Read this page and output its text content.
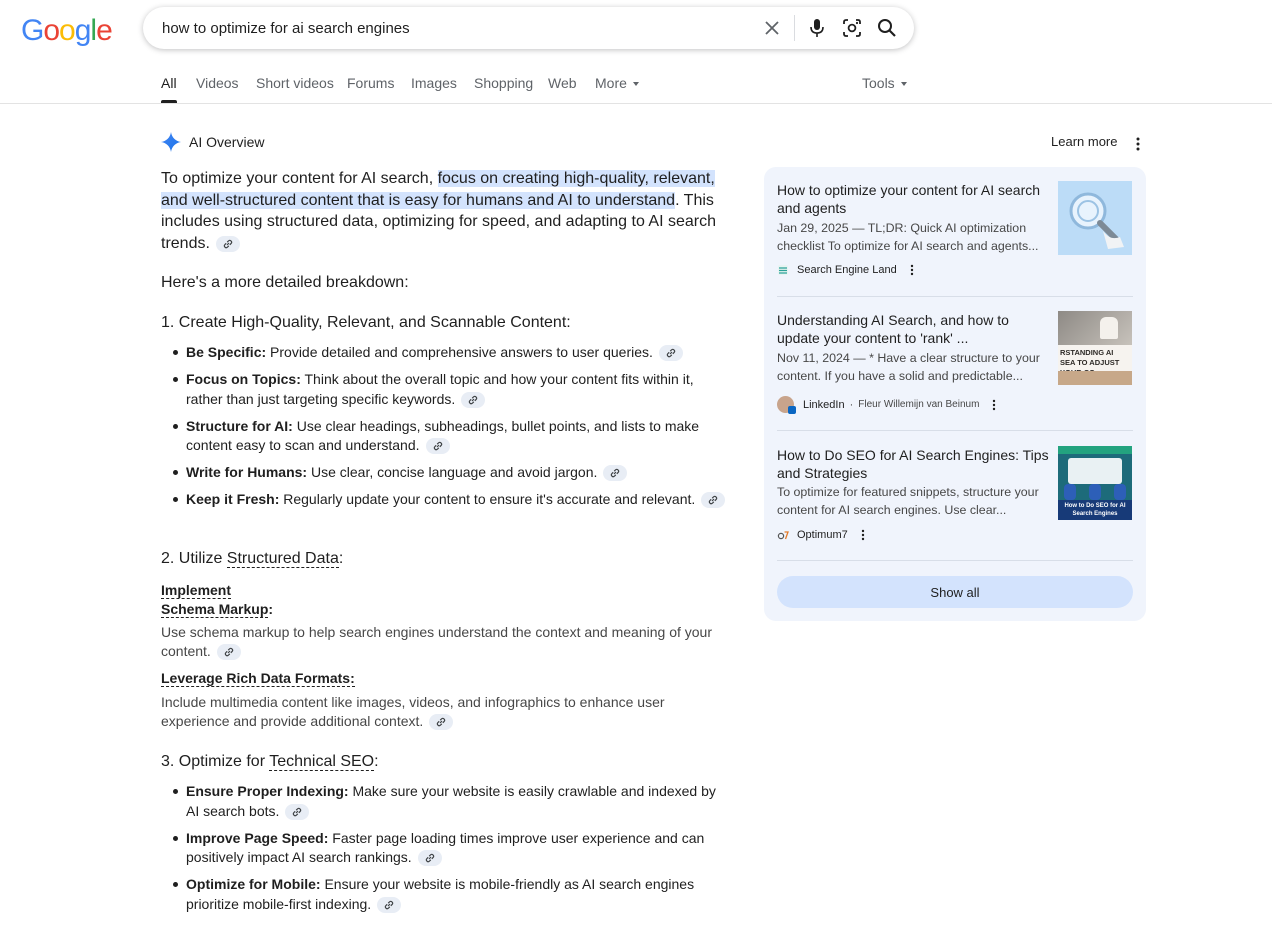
Google	how to optimize for ai search engines
All Videos Short videos Forums Images Shopping Web More	Tools
AI Overview	Learn more

To optimize your content for AI search, focus on creating high-quality, relevant, and well-structured content that is easy for humans and AI to understand. This includes using structured data, optimizing for speed, and adapting to AI search trends.

Here's a more detailed breakdown:

1. Create High-Quality, Relevant, and Scannable Content:
Be Specific: Provide detailed and comprehensive answers to user queries.
Focus on Topics: Think about the overall topic and how your content fits within it, rather than just targeting specific keywords.
Structure for AI: Use clear headings, subheadings, bullet points, and lists to make content easy to scan and understand.
Write for Humans: Use clear, concise language and avoid jargon.
Keep it Fresh: Regularly update your content to ensure it's accurate and relevant.
2. Utilize Structured Data:
Implement
Schema Markup:
Use schema markup to help search engines understand the context and meaning of your content.
Leverage Rich Data Formats:
Include multimedia content like images, videos, and infographics to enhance user experience and provide additional context.
3. Optimize for Technical SEO:
Ensure Proper Indexing: Make sure your website is easily crawlable and indexed by AI search bots.
Improve Page Speed: Faster page loading times improve user experience and can positively impact AI search rankings.
Optimize for Mobile: Ensure your website is mobile-friendly as AI search engines prioritize mobile-first indexing.
How to optimize your content for AI search and agents
Jan 29, 2025 — TL;DR: Quick AI optimization checklist To optimize for AI search and agents...
Search Engine Land
Understanding AI Search, and how to update your content to 'rank' ...
Nov 11, 2024 — * Have a clear structure to your content. If you have a solid and predictable...
LinkedIn · Fleur Willemijn van Beinum
RSTANDING AI SEA TO ADJUST
How to Do SEO for AI Search Engines: Tips and Strategies
To optimize for featured snippets, structure your content for AI search engines. Use clear...
Optimum7
How to Do SEO for AI Search Engines
Show all
